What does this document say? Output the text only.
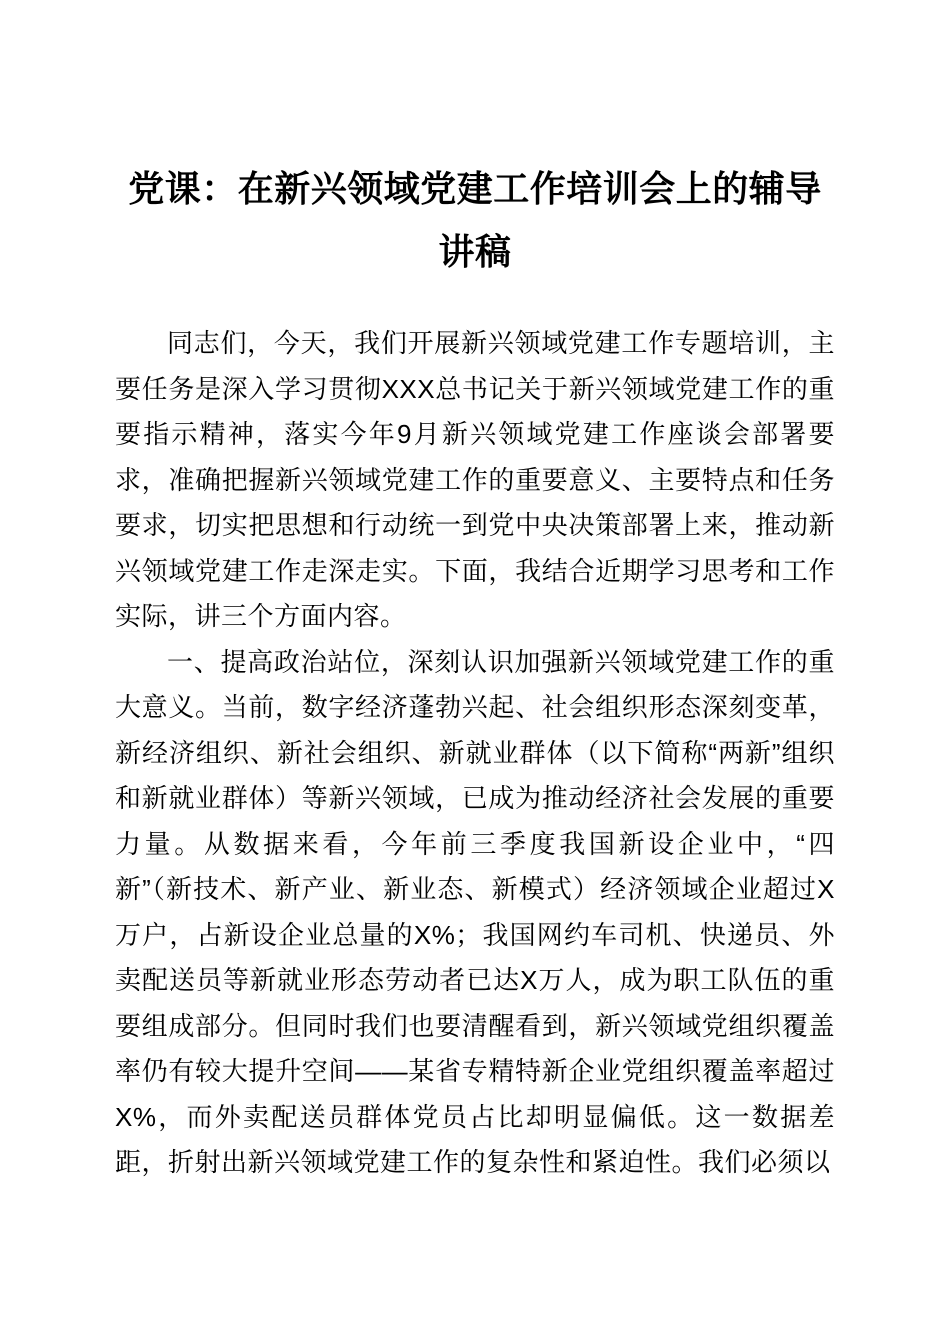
党课：在新兴领域党建工作培训会上的辅导讲稿

同志们，今天，我们开展新兴领域党建工作专题培训，主要任务是深入学习贯彻XXX总书记关于新兴领域党建工作的重要指示精神，落实今年9月新兴领域党建工作座谈会部署要求，准确把握新兴领域党建工作的重要意义、主要特点和任务要求，切实把思想和行动统一到党中央决策部署上来，推动新兴领域党建工作走深走实。下面，我结合近期学习思考和工作实际，讲三个方面内容。

一、提高政治站位，深刻认识加强新兴领域党建工作的重大意义。当前，数字经济蓬勃兴起、社会组织形态深刻变革，新经济组织、新社会组织、新就业群体（以下简称“两新”组织和新就业群体）等新兴领域，已成为推动经济社会发展的重要力量。从数据来看，今年前三季度我国新设企业中，“四新”（新技术、新产业、新业态、新模式）经济领域企业超过X万户，占新设企业总量的X%；我国网约车司机、快递员、外卖配送员等新就业形态劳动者已达X万人，成为职工队伍的重要组成部分。但同时我们也要清醒看到，新兴领域党组织覆盖率仍有较大提升空间——某省专精特新企业党组织覆盖率超过X%，而外卖配送员群体党员占比却明显偏低。这一数据差距，折射出新兴领域党建工作的复杂性和紧迫性。我们必须以
